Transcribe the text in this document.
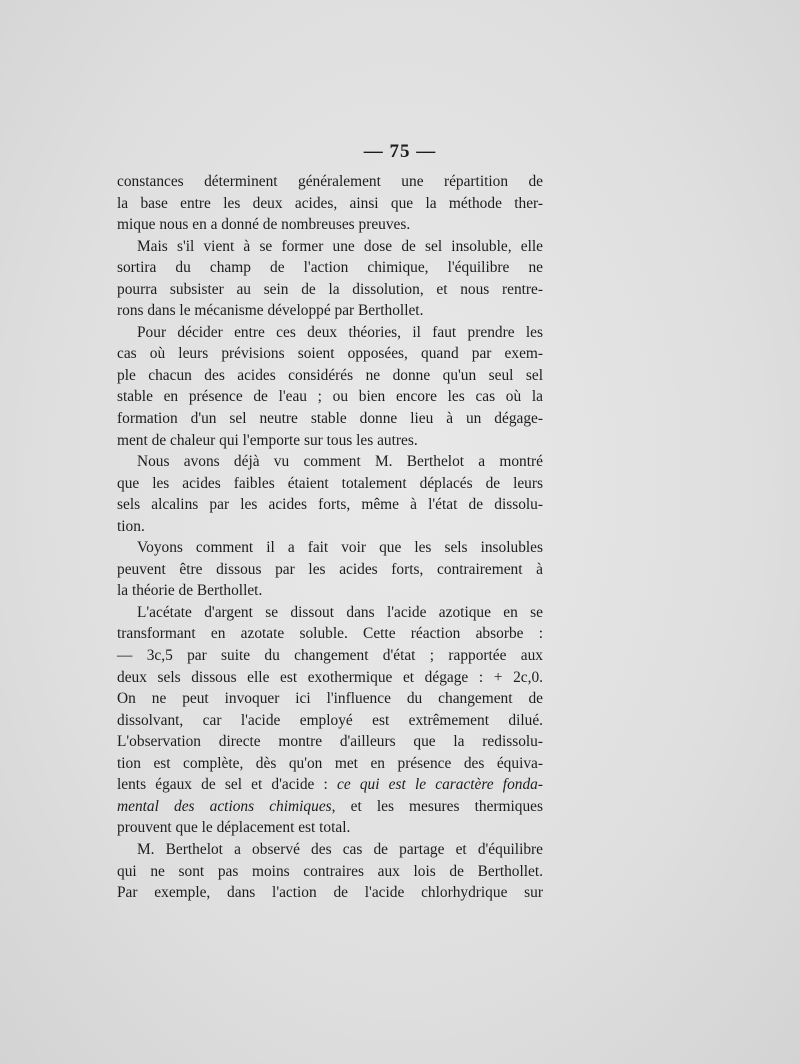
— 75 —
constances déterminent généralement une répartition de
la base entre les deux acides, ainsi que la méthode ther-
mique nous en a donné de nombreuses preuves.
Mais s'il vient à se former une dose de sel insoluble, elle
sortira du champ de l'action chimique, l'équilibre ne
pourra subsister au sein de la dissolution, et nous rentre-
rons dans le mécanisme développé par Berthollet.
Pour décider entre ces deux théories, il faut prendre les
cas où leurs prévisions soient opposées, quand par exem-
ple chacun des acides considérés ne donne qu'un seul sel
stable en présence de l'eau ; ou bien encore les cas où la
formation d'un sel neutre stable donne lieu à un dégage-
ment de chaleur qui l'emporte sur tous les autres.
Nous avons déjà vu comment M. Berthelot a montré
que les acides faibles étaient totalement déplacés de leurs
sels alcalins par les acides forts, même à l'état de dissolu-
tion.
Voyons comment il a fait voir que les sels insolubles
peuvent être dissous par les acides forts, contrairement à
la théorie de Berthollet.
L'acétate d'argent se dissout dans l'acide azotique en se
transformant en azotate soluble. Cette réaction absorbe :
— 3c,5 par suite du changement d'état ; rapportée aux
deux sels dissous elle est exothermique et dégage : + 2c,0.
On ne peut invoquer ici l'influence du changement de
dissolvant, car l'acide employé est extrêmement dilué.
L'observation directe montre d'ailleurs que la redissolu-
tion est complète, dès qu'on met en présence des équiva-
lents égaux de sel et d'acide : ce qui est le caractère fonda-
mental des actions chimiques, et les mesures thermiques
prouvent que le déplacement est total.
M. Berthelot a observé des cas de partage et d'équilibre
qui ne sont pas moins contraires aux lois de Berthollet.
Par exemple, dans l'action de l'acide chlorhydrique sur
